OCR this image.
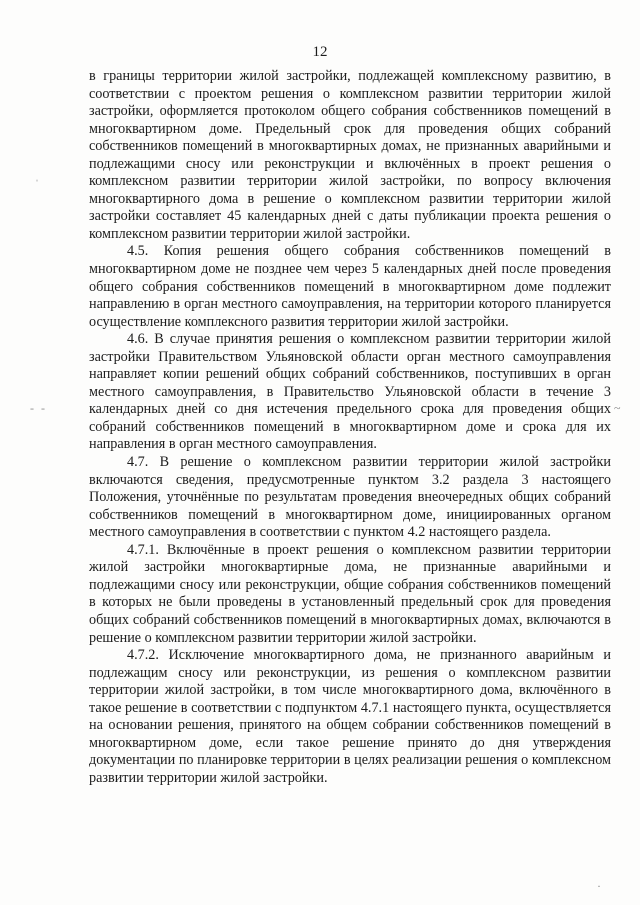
12

в границы территории жилой застройки, подлежащей комплексному развитию, в соответствии с проектом решения о комплексном развитии территории жилой застройки, оформляется протоколом общего собрания собственников помещений в многоквартирном доме. Предельный срок для проведения общих собраний собственников помещений в многоквартирных домах, не признанных аварийными и подлежащими сносу или реконструкции и включённых в проект решения о комплексном развитии территории жилой застройки, по вопросу включения многоквартирного дома в решение о комплексном развитии территории жилой застройки составляет 45 календарных дней с даты публикации проекта решения о комплексном развитии территории жилой застройки.

4.5. Копия решения общего собрания собственников помещений в многоквартирном доме не позднее чем через 5 календарных дней после проведения общего собрания собственников помещений в многоквартирном доме подлежит направлению в орган местного самоуправления, на территории которого планируется осуществление комплексного развития территории жилой застройки.

4.6. В случае принятия решения о комплексном развитии территории жилой застройки Правительством Ульяновской области орган местного самоуправления направляет копии решений общих собраний собственников, поступивших в орган местного самоуправления, в Правительство Ульяновской области в течение 3 календарных дней со дня истечения предельного срока для проведения общих собраний собственников помещений в многоквартирном доме и срока для их направления в орган местного самоуправления.

4.7. В решение о комплексном развитии территории жилой застройки включаются сведения, предусмотренные пунктом 3.2 раздела 3 настоящего Положения, уточнённые по результатам проведения внеочередных общих собраний собственников помещений в многоквартирном доме, инициированных органом местного самоуправления в соответствии с пунктом 4.2 настоящего раздела.

4.7.1. Включённые в проект решения о комплексном развитии территории жилой застройки многоквартирные дома, не признанные аварийными и подлежащими сносу или реконструкции, общие собрания собственников помещений в которых не были проведены в установленный предельный срок для проведения общих собраний собственников помещений в многоквартирных домах, включаются в решение о комплексном развитии территории жилой застройки.

4.7.2. Исключение многоквартирного дома, не признанного аварийным и подлежащим сносу или реконструкции, из решения о комплексном развитии территории жилой застройки, в том числе многоквартирного дома, включённого в такое решение в соответствии с подпунктом 4.7.1 настоящего пункта, осуществляется на основании решения, принятого на общем собрании собственников помещений в многоквартирном доме, если такое решение принято до дня утверждения документации по планировке территории в целях реализации решения о комплексном развитии территории жилой застройки.

ˈ
- -	~
·
